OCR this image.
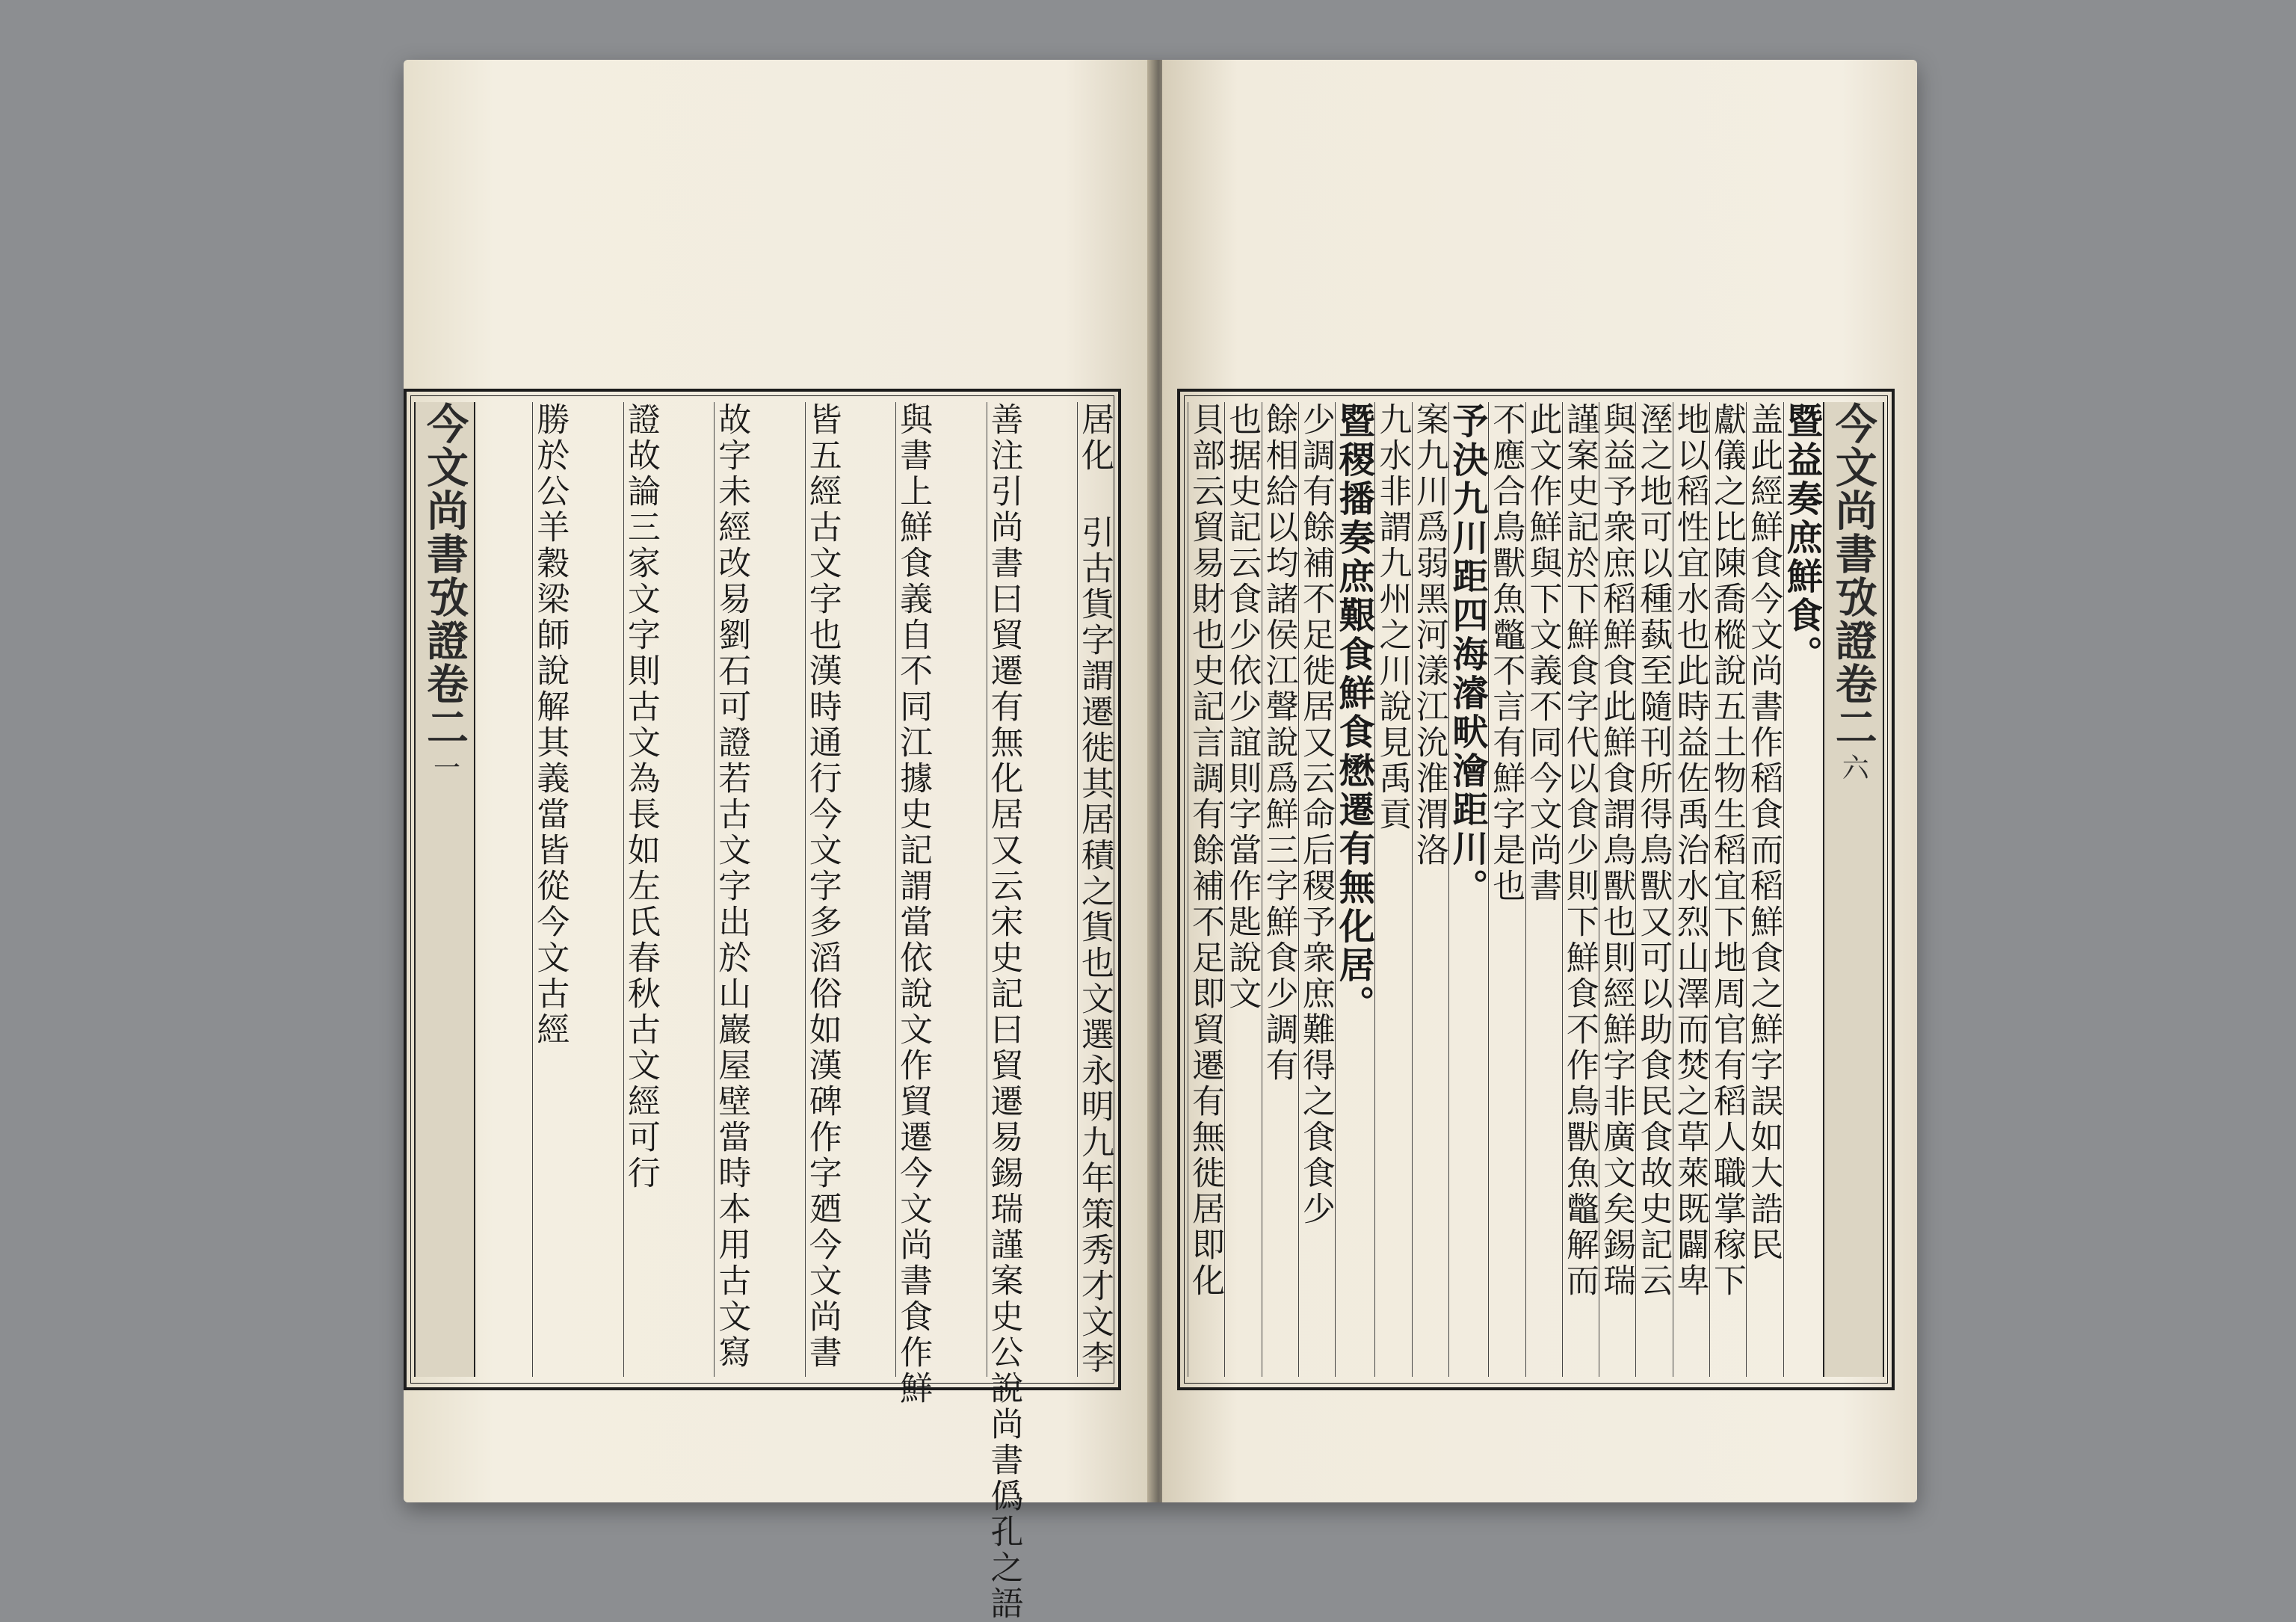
居化 引古貨字謂遷徙其居積之貨也文選永明九年策秀才文李
善注引尚書曰貿遷有無化居又云宋史記曰貿遷易錫瑞謹案史公說尚書僞孔之語
與書上鮮食義自不同江據史記謂當依說文作貿遷今文尚書食作鮮
皆五經古文字也漢時通行今文字多滔俗如漢碑作字廼今文尚書
故字未經改易劉石可證若古文字出於山巖屋壁當時本用古文寫
證故論三家文字則古文為長如左氏春秋古文經可行
勝於公羊穀梁師說解其義當皆從今文古經
今文尚書攷證卷二
一
今文尚書攷證卷二
六
暨益奏庶鮮食。
盖此經鮮食今文尚書作稻食而稻鮮食之鮮字誤如大誥民
獻儀之比陳喬樅說五土物生稻宜下地周官有稻人職掌稼下
地以稻性宜水也此時益佐禹治水烈山澤而焚之草萊既闢卑
溼之地可以種蓺至隨刊所得鳥獸又可以助食民食故史記云
與益予衆庶稻鮮食此鮮食謂鳥獸也則經鮮字非廣文矣錫瑞
謹案史記於下鮮食字代以食少則下鮮食不作鳥獸魚鼈解而
此文作鮮與下文義不同今文尚書
不應合鳥獸魚鼈不言有鮮字是也
予決九川距四海濬畎澮距川。
案九川爲弱黑河漾江沇淮渭洛
九水非謂九州之川說見禹貢
暨稷播奏庶艱食鮮食懋遷有無化居。
少調有餘補不足徙居又云命后稷予衆庶難得之食食少
餘相給以均諸侯江聲說爲鮮三字鮮食少調有
也据史記云食少依少誼則字當作匙說文
貝部云貿易財也史記言調有餘補不足即貿遷有無徙居即化
